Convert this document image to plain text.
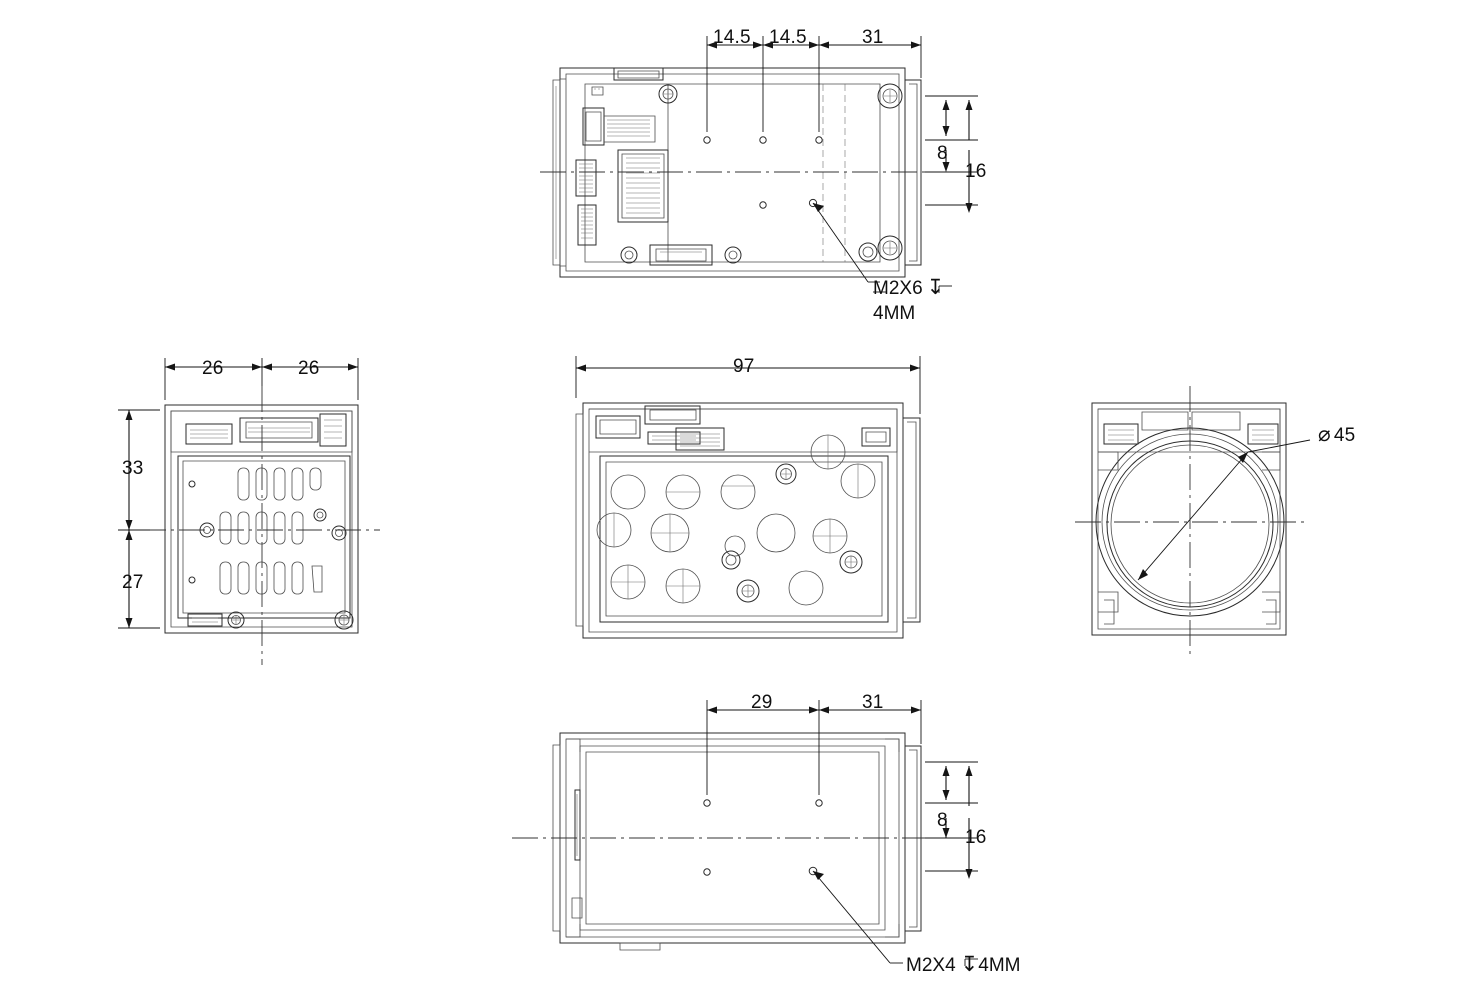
14.5 14.5	31
8
16
M2X6 ↧
4MM
26	26
33
27
97
⌀ 45
29	31
8
16
M2X4 ↧4MM
